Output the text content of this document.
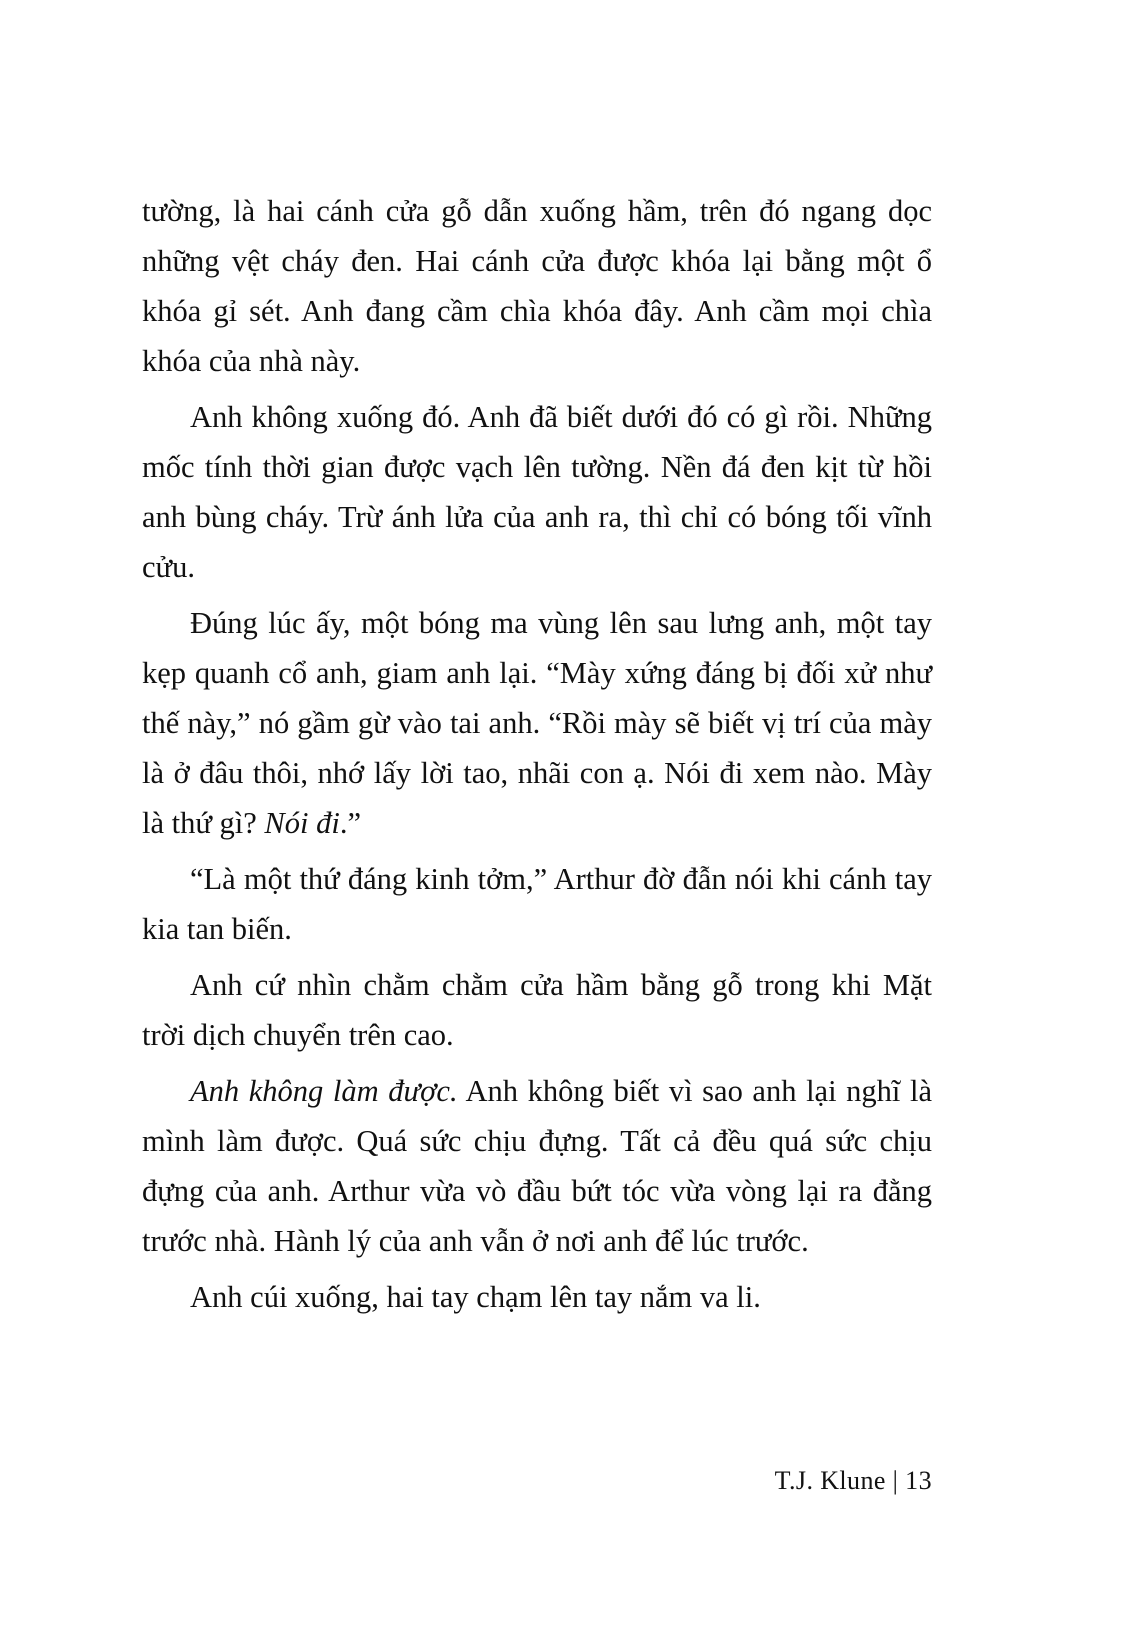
tường, là hai cánh cửa gỗ dẫn xuống hầm, trên đó ngang dọc những vệt cháy đen. Hai cánh cửa được khóa lại bằng một ổ khóa gỉ sét. Anh đang cầm chìa khóa đây. Anh cầm mọi chìa khóa của nhà này.

Anh không xuống đó. Anh đã biết dưới đó có gì rồi. Những mốc tính thời gian được vạch lên tường. Nền đá đen kịt từ hồi anh bùng cháy. Trừ ánh lửa của anh ra, thì chỉ có bóng tối vĩnh cửu.

Đúng lúc ấy, một bóng ma vùng lên sau lưng anh, một tay kẹp quanh cổ anh, giam anh lại. “Mày xứng đáng bị đối xử như thế này,” nó gầm gừ vào tai anh. “Rồi mày sẽ biết vị trí của mày là ở đâu thôi, nhớ lấy lời tao, nhãi con ạ. Nói đi xem nào. Mày là thứ gì? Nói đi.”

“Là một thứ đáng kinh tởm,” Arthur đờ đẫn nói khi cánh tay kia tan biến.

Anh cứ nhìn chằm chằm cửa hầm bằng gỗ trong khi Mặt trời dịch chuyển trên cao.

Anh không làm được. Anh không biết vì sao anh lại nghĩ là mình làm được. Quá sức chịu đựng. Tất cả đều quá sức chịu đựng của anh. Arthur vừa vò đầu bứt tóc vừa vòng lại ra đằng trước nhà. Hành lý của anh vẫn ở nơi anh để lúc trước.

Anh cúi xuống, hai tay chạm lên tay nắm va li.

T.J. Klune | 13
